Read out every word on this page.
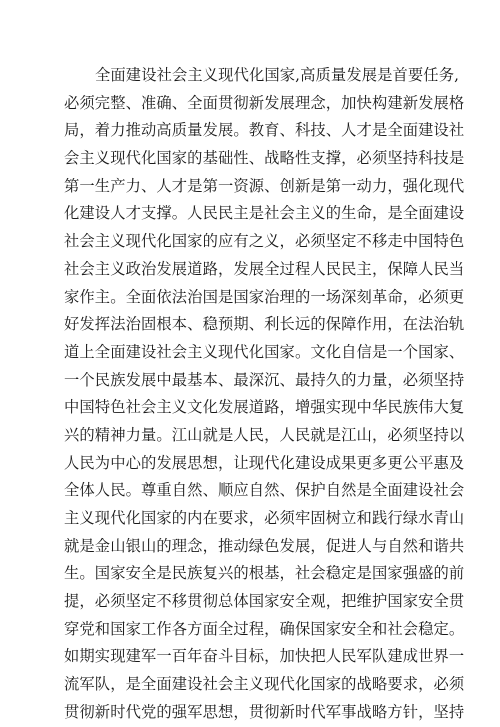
全面建设社会主义现代化国家,高质量发展是首要任务,
必须完整、准确、全面贯彻新发展理念，加快构建新发展格
局，着力推动高质量发展。教育、科技、人才是全面建设社
会主义现代化国家的基础性、战略性支撑，必须坚持科技是
第一生产力、人才是第一资源、创新是第一动力，强化现代
化建设人才支撑。人民民主是社会主义的生命，是全面建设
社会主义现代化国家的应有之义，必须坚定不移走中国特色
社会主义政治发展道路，发展全过程人民民主，保障人民当
家作主。全面依法治国是国家治理的一场深刻革命，必须更
好发挥法治固根本、稳预期、利长远的保障作用，在法治轨
道上全面建设社会主义现代化国家。文化自信是一个国家、
一个民族发展中最基本、最深沉、最持久的力量，必须坚持
中国特色社会主义文化发展道路，增强实现中华民族伟大复
兴的精神力量。江山就是人民，人民就是江山，必须坚持以
人民为中心的发展思想，让现代化建设成果更多更公平惠及
全体人民。尊重自然、顺应自然、保护自然是全面建设社会
主义现代化国家的内在要求，必须牢固树立和践行绿水青山
就是金山银山的理念，推动绿色发展，促进人与自然和谐共
生。国家安全是民族复兴的根基，社会稳定是国家强盛的前
提，必须坚定不移贯彻总体国家安全观，把维护国家安全贯
穿党和国家工作各方面全过程，确保国家安全和社会稳定。
如期实现建军一百年奋斗目标，加快把人民军队建成世界一
流军队，是全面建设社会主义现代化国家的战略要求，必须
贯彻新时代党的强军思想，贯彻新时代军事战略方针，坚持
